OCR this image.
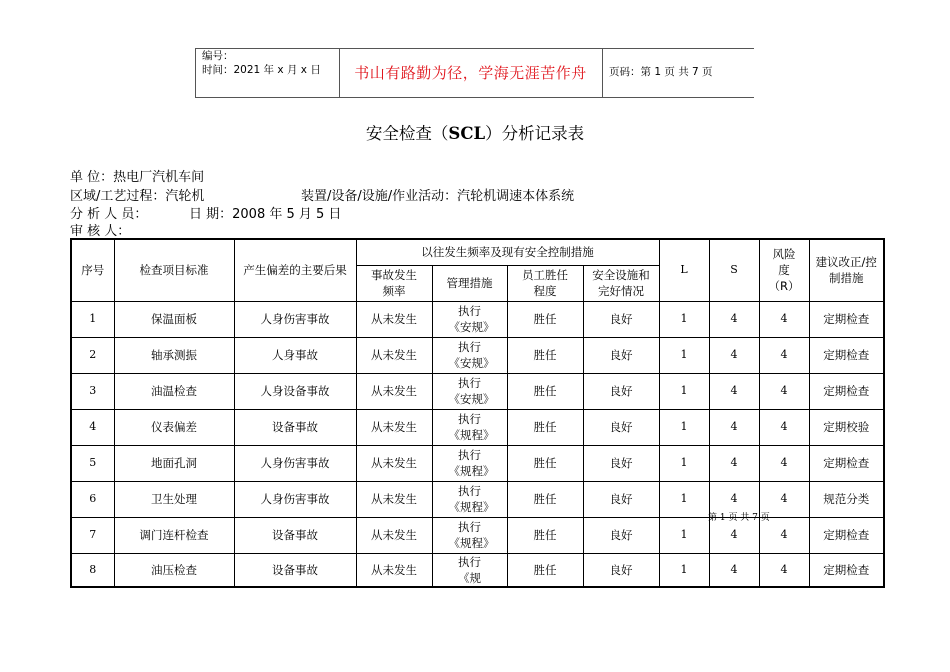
编号：
时间：2021 年 x 月 x 日	书山有路勤为径，学海无涯苦作舟	页码：第 1 页 共 7 页
安全检查（SCL）分析记录表
单 位：热电厂汽机车间
区域/工艺过程：汽轮机	装置/设备/设施/作业活动：汽轮机调速本体系统
分 析 人 员：	日 期：2008 年 5 月 5 日
审 核 人：
序号	检查项目标准	产生偏差的主要后果	以往发生频率及现有安全控制措施				L	S	风险度（R）	建议改正/控制措施
			事故发生频率	管理措施	员工胜任程度	安全设施和完好情况				
1	保温面板	人身伤害事故	从未发生	执行《安规》	胜任	良好	1	4	4	定期检查
2	轴承测振	人身事故	从未发生	执行《安规》	胜任	良好	1	4	4	定期检查
3	油温检查	人身设备事故	从未发生	执行《安规》	胜任	良好	1	4	4	定期检查
4	仪表偏差	设备事故	从未发生	执行《规程》	胜任	良好	1	4	4	定期校验
5	地面孔洞	人身伤害事故	从未发生	执行《规程》	胜任	良好	1	4	4	定期检查
6	卫生处理	人身伤害事故	从未发生	执行《规程》	胜任	良好	1	4	4	规范分类
7	调门连杆检查	设备事故	从未发生	执行《规程》	胜任	良好	1	4	4	定期检查
8	油压检查	设备事故	从未发生	执行《规	胜任	良好	1	4	4	定期检查
第 1 页 共 7 页
